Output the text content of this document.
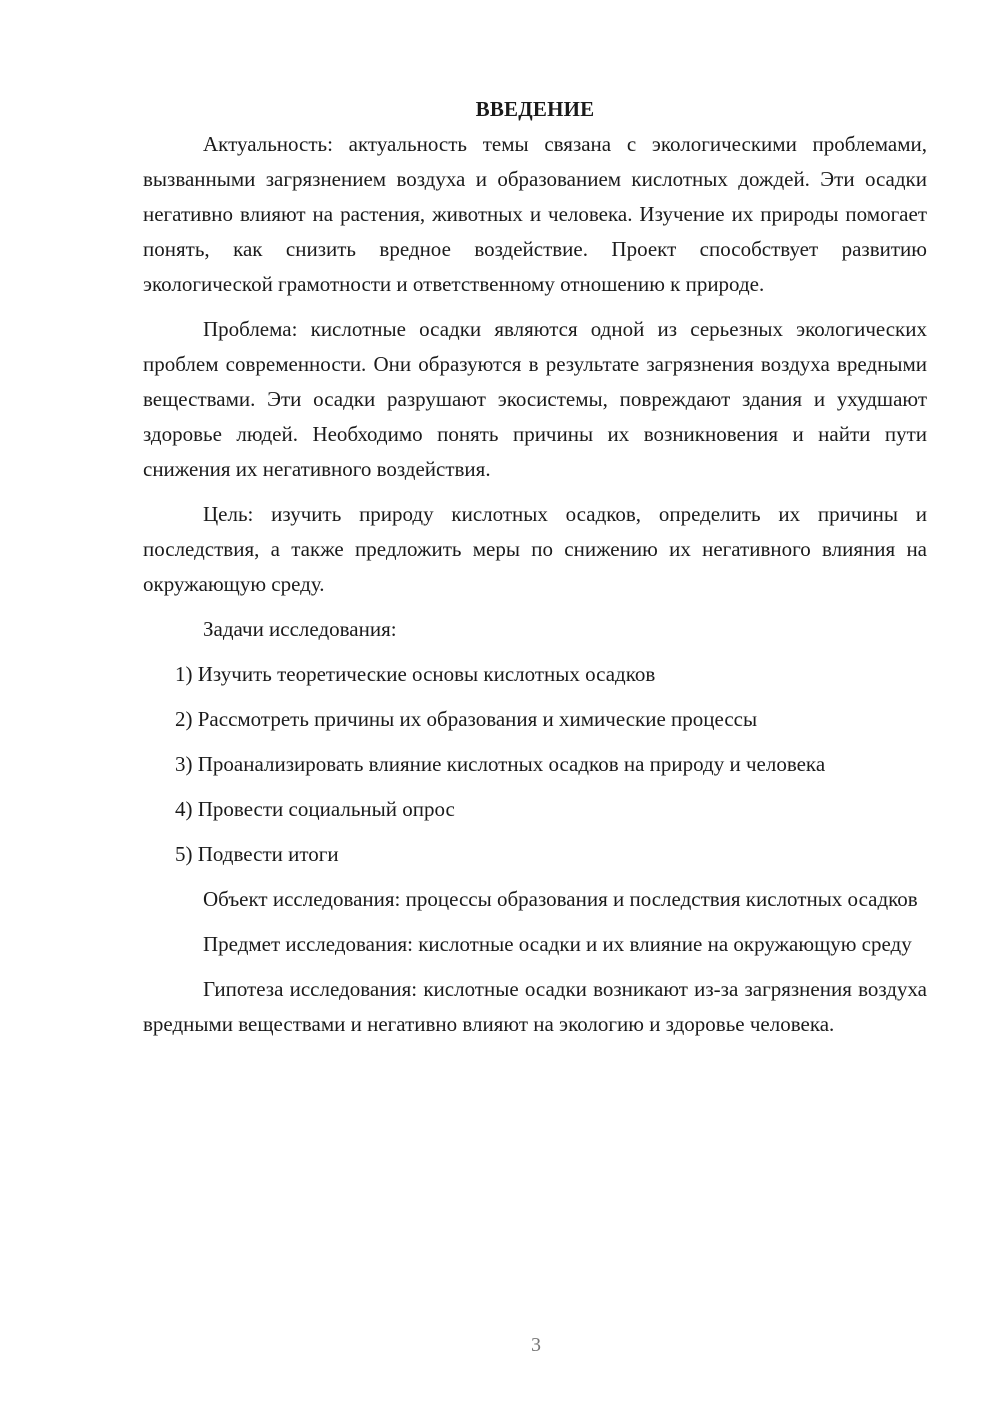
ВВЕДЕНИЕ

Актуальность: актуальность темы связана с экологическими проблемами, вызванными загрязнением воздуха и образованием кислотных дождей. Эти осадки негативно влияют на растения, животных и человека. Изучение их природы помогает понять, как снизить вредное воздействие. Проект способствует развитию экологической грамотности и ответственному отношению к природе.

Проблема: кислотные осадки являются одной из серьезных экологических проблем современности. Они образуются в результате загрязнения воздуха вредными веществами. Эти осадки разрушают экосистемы, повреждают здания и ухудшают здоровье людей. Необходимо понять причины их возникновения и найти пути снижения их негативного воздействия.

Цель: изучить природу кислотных осадков, определить их причины и последствия, а также предложить меры по снижению их негативного влияния на окружающую среду.

Задачи исследования:

1) Изучить теоретические основы кислотных осадков

2) Рассмотреть причины их образования и химические процессы

3) Проанализировать влияние кислотных осадков на природу и человека

4) Провести социальный опрос

5) Подвести итоги

Объект исследования: процессы образования и последствия кислотных осадков

Предмет исследования: кислотные осадки и их влияние на окружающую среду

Гипотеза исследования: кислотные осадки возникают из-за загрязнения воздуха вредными веществами и негативно влияют на экологию и здоровье человека.

3
